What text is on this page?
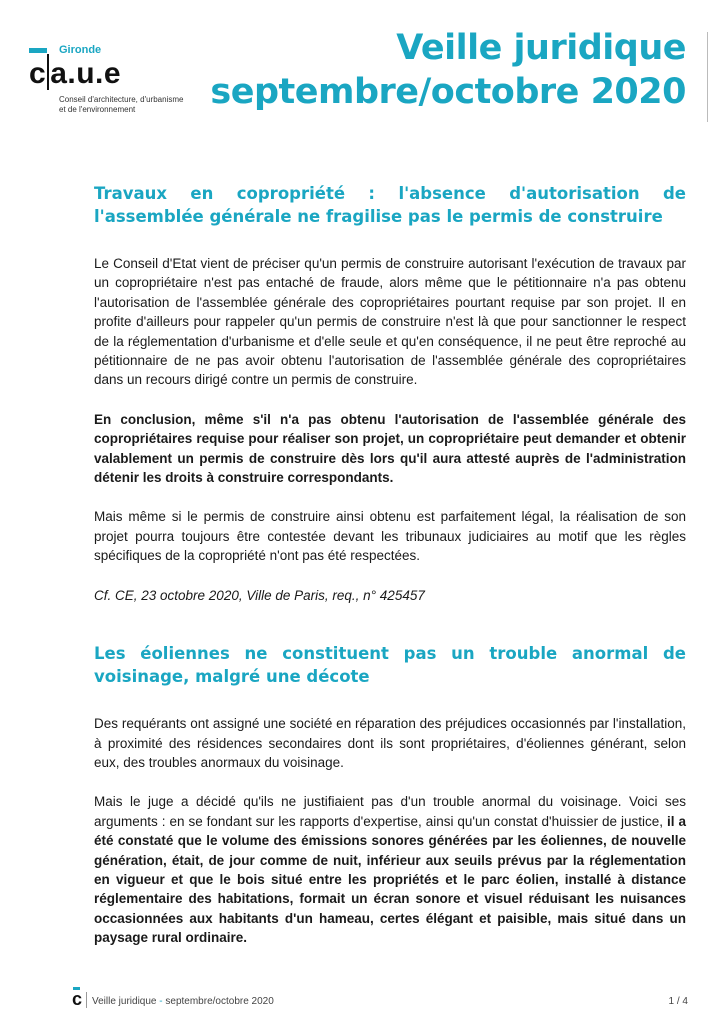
Gironde
c a.u.e
Conseil d'architecture, d'urbanisme
et de l'environnement
Veille juridique
septembre/octobre 2020
Travaux en copropriété : l'absence d'autorisation de l'assemblée générale ne fragilise pas le permis de construire

Le Conseil d'Etat vient de préciser qu'un permis de construire autorisant l'exécution de travaux par un copropriétaire n'est pas entaché de fraude, alors même que le pétitionnaire n'a pas obtenu l'autorisation de l'assemblée générale des copropriétaires pourtant requise par son projet. Il en profite d'ailleurs pour rappeler qu'un permis de construire n'est là que pour sanctionner le respect de la réglementation d'urbanisme et d'elle seule et qu'en conséquence, il ne peut être reproché au pétitionnaire de ne pas avoir obtenu l'autorisation de l'assemblée générale des copropriétaires dans un recours dirigé contre un permis de construire.

En conclusion, même s'il n'a pas obtenu l'autorisation de l'assemblée générale des copropriétaires requise pour réaliser son projet, un copropriétaire peut demander et obtenir valablement un permis de construire dès lors qu'il aura attesté auprès de l'administration détenir les droits à construire correspondants.

Mais même si le permis de construire ainsi obtenu est parfaitement légal, la réalisation de son projet pourra toujours être contestée devant les tribunaux judiciaires au motif que les règles spécifiques de la copropriété n'ont pas été respectées.

Cf. CE, 23 octobre 2020, Ville de Paris, req., n° 425457

Les éoliennes ne constituent pas un trouble anormal de voisinage, malgré une décote

Des requérants ont assigné une société en réparation des préjudices occasionnés par l'installation, à proximité des résidences secondaires dont ils sont propriétaires, d'éoliennes générant, selon eux, des troubles anormaux du voisinage.

Mais le juge a décidé qu'ils ne justifiaient pas d'un trouble anormal du voisinage. Voici ses arguments : en se fondant sur les rapports d'expertise, ainsi qu'un constat d'huissier de justice, il a été constaté que le volume des émissions sonores générées par les éoliennes, de nouvelle génération, était, de jour comme de nuit, inférieur aux seuils prévus par la réglementation en vigueur et que le bois situé entre les propriétés et le parc éolien, installé à distance réglementaire des habitations, formait un écran sonore et visuel réduisant les nuisances occasionnées aux habitants d'un hameau, certes élégant et paisible, mais situé dans un paysage rural ordinaire.

c Veille juridique - septembre/octobre 2020	1 / 4
